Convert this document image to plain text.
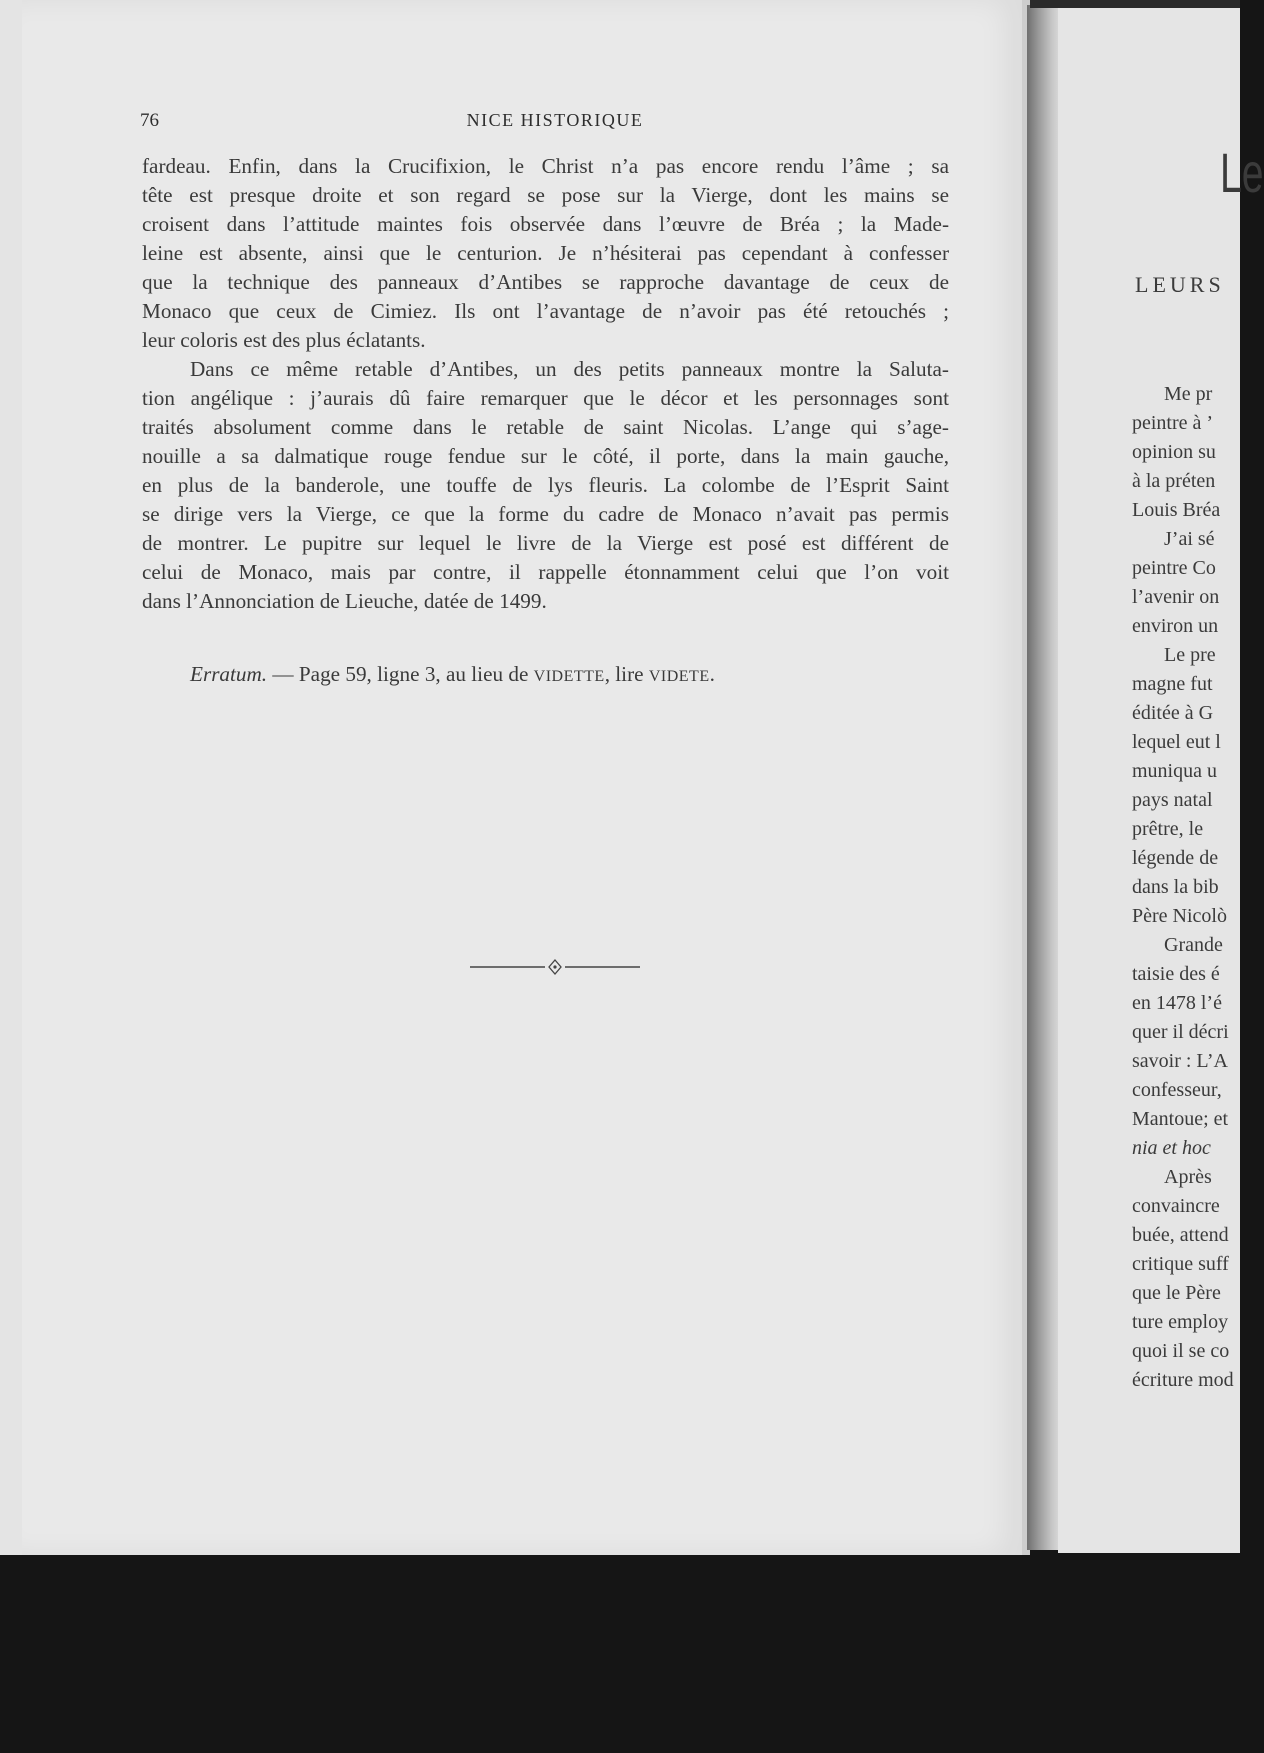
76	NICE HISTORIQUE
fardeau. Enfin, dans la Crucifixion, le Christ n’a pas encore rendu l’âme ; sa
tête est presque droite et son regard se pose sur la Vierge, dont les mains se
croisent dans l’attitude maintes fois observée dans l’œuvre de Bréa ; la Made-
leine est absente, ainsi que le centurion. Je n’hésiterai pas cependant à confesser
que la technique des panneaux d’Antibes se rapproche davantage de ceux de
Monaco que ceux de Cimiez. Ils ont l’avantage de n’avoir pas été retouchés ;
leur coloris est des plus éclatants.
Dans ce même retable d’Antibes, un des petits panneaux montre la Saluta-
tion angélique : j’aurais dû faire remarquer que le décor et les personnages sont
traités absolument comme dans le retable de saint Nicolas. L’ange qui s’age-
nouille a sa dalmatique rouge fendue sur le côté, il porte, dans la main gauche,
en plus de la banderole, une touffe de lys fleuris. La colombe de l’Esprit Saint
se dirige vers la Vierge, ce que la forme du cadre de Monaco n’avait pas permis
de montrer. Le pupitre sur lequel le livre de la Vierge est posé est différent de
celui de Monaco, mais par contre, il rappelle étonnamment celui que l’on voit
dans l’Annonciation de Lieuche, datée de 1499.
Erratum. — Page 59, ligne 3, au lieu de VIDETTE, lire VIDETE.
Le
LEURS
Me pr
peintre à ’
opinion su
à la préten
Louis Bréa
J’ai sé
peintre Co
l’avenir on
environ un
Le pre
magne fut
éditée à G
lequel eut l
muniqua u
pays natal
prêtre, le
légende de
dans la bib
Père Nicolò
Grande
taisie des é
en 1478 l’é
quer il décri
savoir : L’A
confesseur,
Mantoue; et
nia et hoc
Après
convaincre
buée, attend
critique suff
que le Père
ture employ
quoi il se co
écriture mod
